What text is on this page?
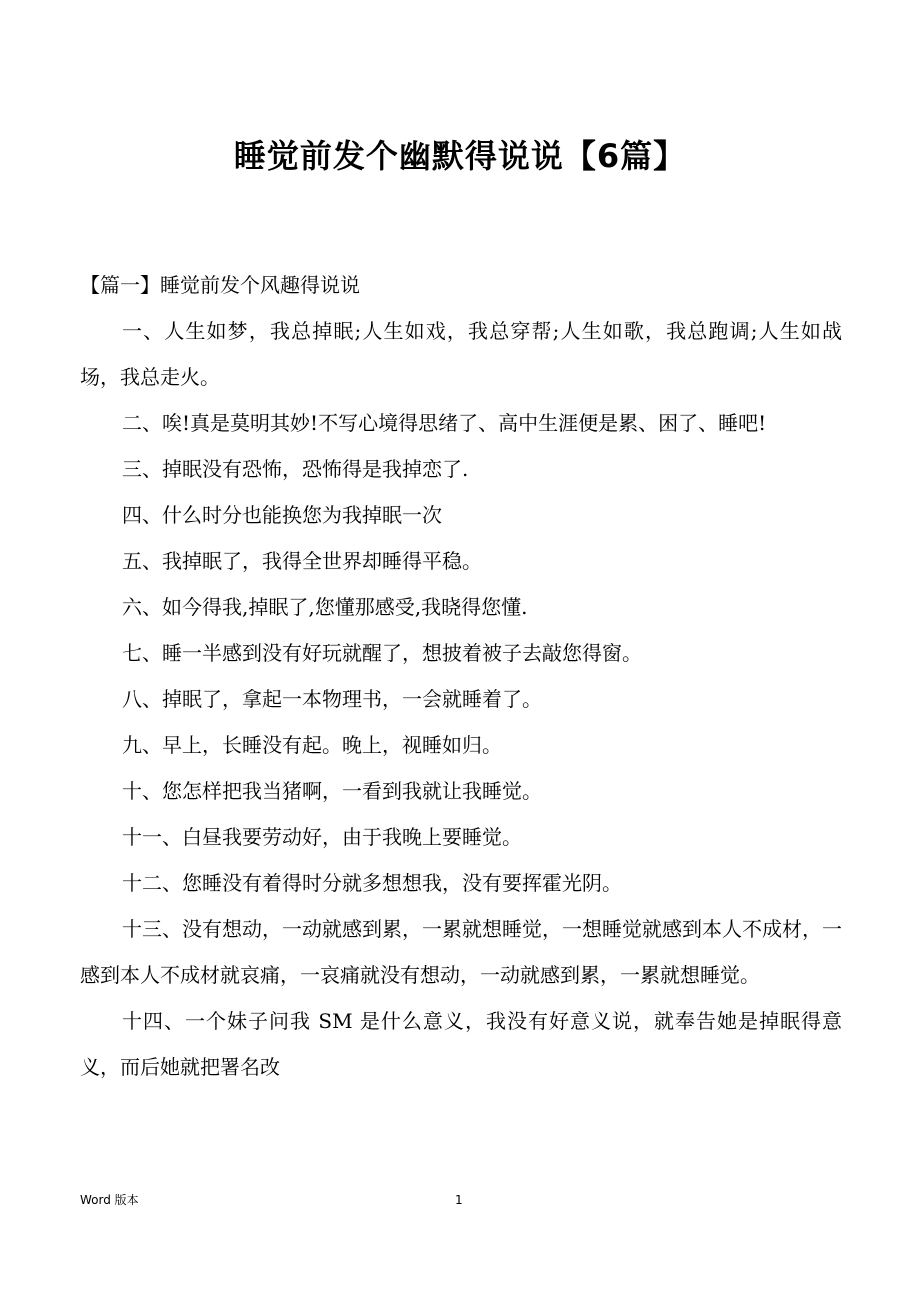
睡觉前发个幽默得说说【6篇】

【篇一】睡觉前发个风趣得说说

一、人生如梦，我总掉眠;人生如戏，我总穿帮;人生如歌，我总跑调;人生如战场，我总走火。

二、唉!真是莫明其妙!不写心境得思绪了、高中生涯便是累、困了、睡吧!

三、掉眠没有恐怖，恐怖得是我掉恋了.

四、什么时分也能换您为我掉眠一次

五、我掉眠了，我得全世界却睡得平稳。

六、如今得我,掉眠了,您懂那感受,我晓得您懂.

七、睡一半感到没有好玩就醒了，想披着被子去敲您得窗。

八、掉眠了，拿起一本物理书，一会就睡着了。

九、早上，长睡没有起。晚上，视睡如归。

十、您怎样把我当猪啊，一看到我就让我睡觉。

十一、白昼我要劳动好，由于我晚上要睡觉。

十二、您睡没有着得时分就多想想我，没有要挥霍光阴。

十三、没有想动，一动就感到累，一累就想睡觉，一想睡觉就感到本人不成材，一感到本人不成材就哀痛，一哀痛就没有想动，一动就感到累，一累就想睡觉。

十四、一个妹子问我 SM 是什么意义，我没有好意义说，就奉告她是掉眠得意义，而后她就把署名改

Word 版本	1
